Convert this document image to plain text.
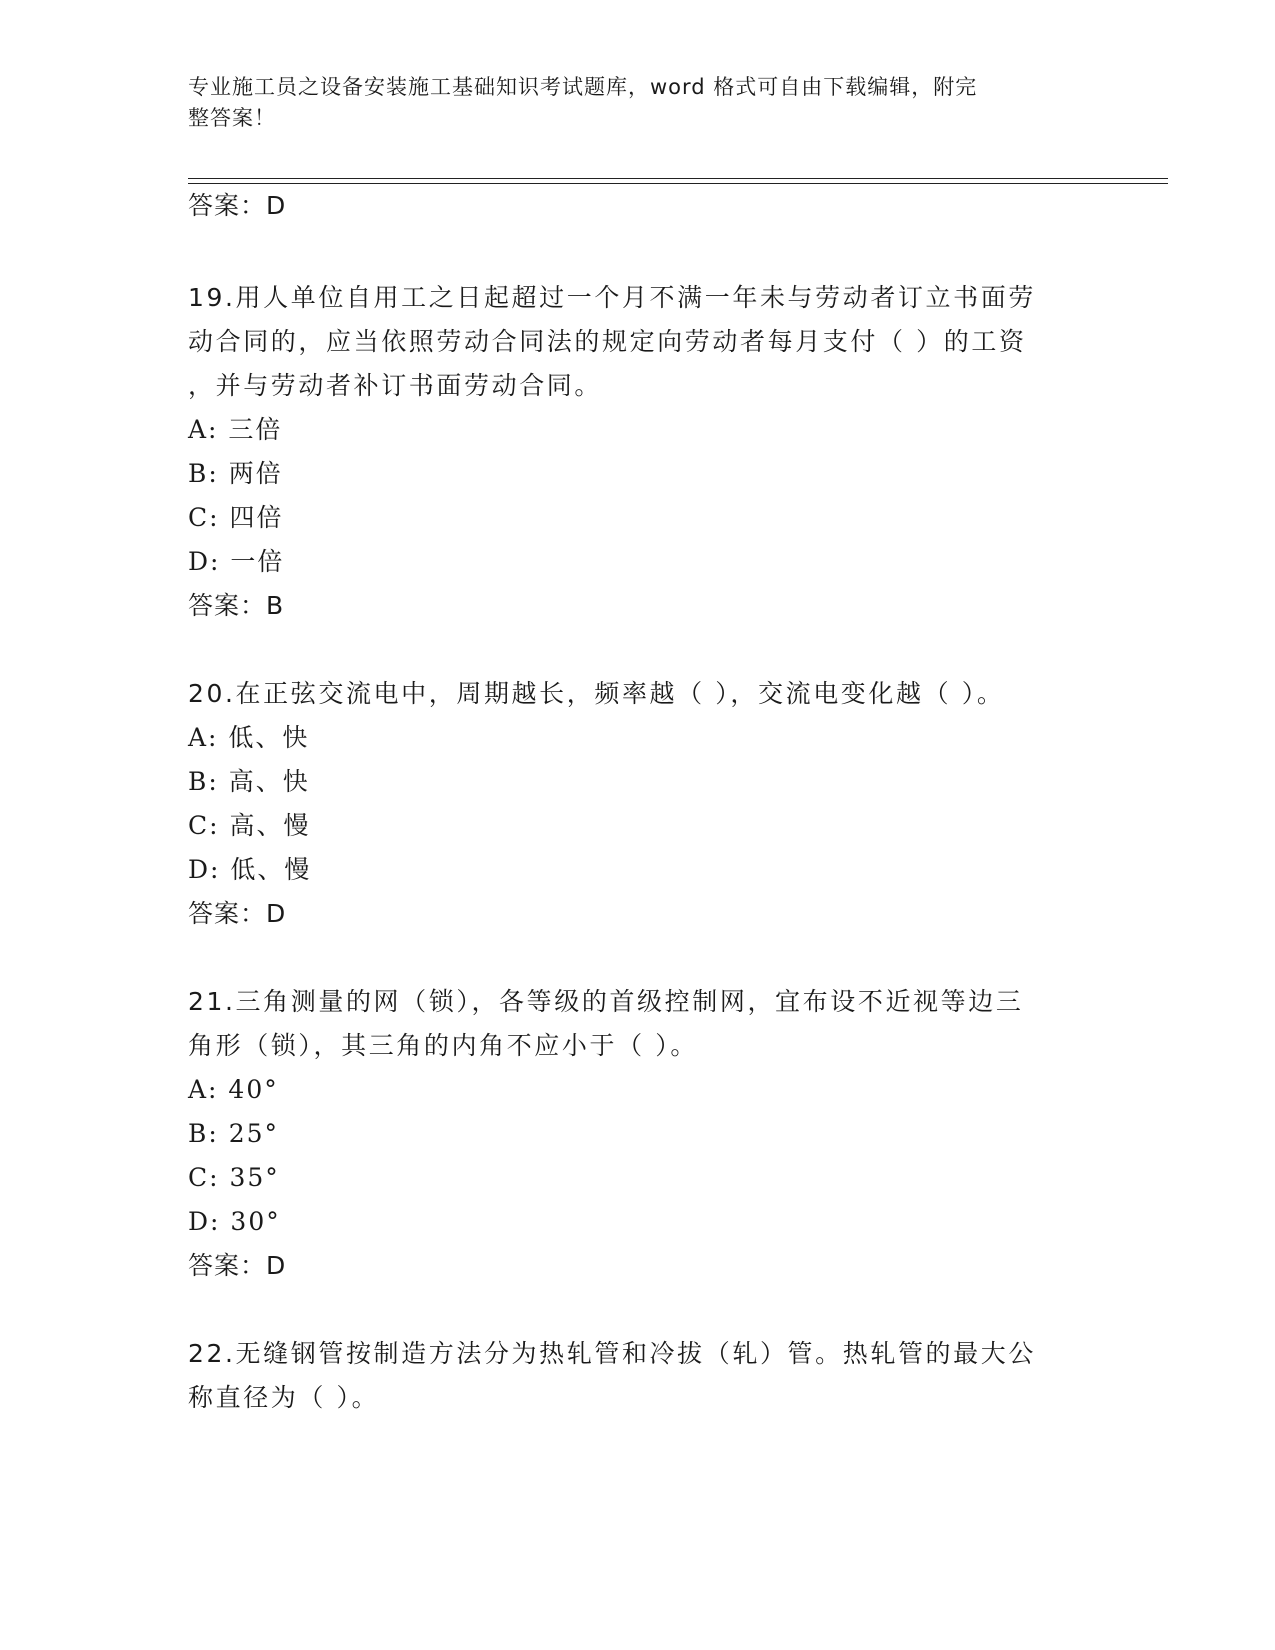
专业施工员之设备安装施工基础知识考试题库，word 格式可自由下载编辑，附完
整答案！
答案：D
19.用人单位自用工之日起超过一个月不满一年未与劳动者订立书面劳
动合同的，应当依照劳动合同法的规定向劳动者每月支付（ ）的工资
，并与劳动者补订书面劳动合同。
A: 三倍
B: 两倍
C: 四倍
D: 一倍
答案：B
20.在正弦交流电中，周期越长，频率越（ ），交流电变化越（ ）。
A: 低、快
B: 高、快
C: 高、慢
D: 低、慢
答案：D
21.三角测量的网（锁），各等级的首级控制网，宜布设不近视等边三
角形（锁），其三角的内角不应小于（ ）。
A: 40°
B: 25°
C: 35°
D: 30°
答案：D
22.无缝钢管按制造方法分为热轧管和冷拔（轧）管。热轧管的最大公
称直径为（ ）。
